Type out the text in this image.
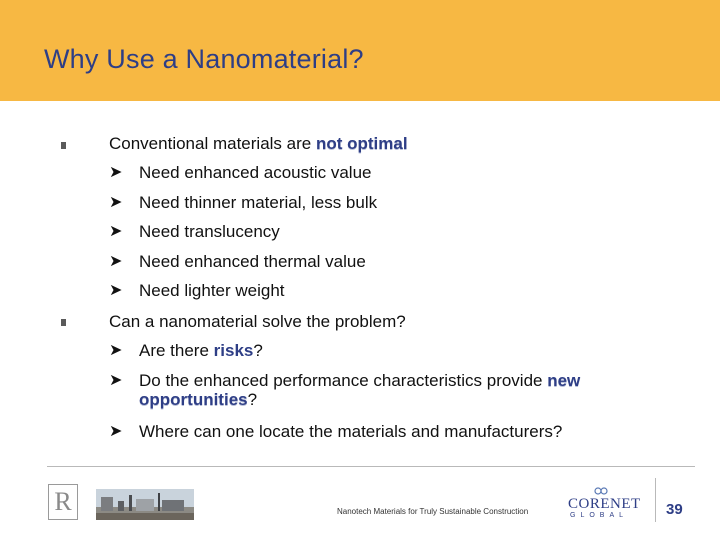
Why Use a Nanomaterial?
Conventional materials are not optimal
➤ Need enhanced acoustic value
➤ Need thinner material, less bulk
➤ Need translucency
➤ Need enhanced thermal value
➤ Need lighter weight
Can a nanomaterial solve the problem?
➤ Are there risks?
➤ Do the enhanced performance characteristics provide new
opportunities?
➤ Where can one locate the materials and manufacturers?
R	Nanotech Materials for Truly Sustainable Construction	CORENET
GLOBAL	39
